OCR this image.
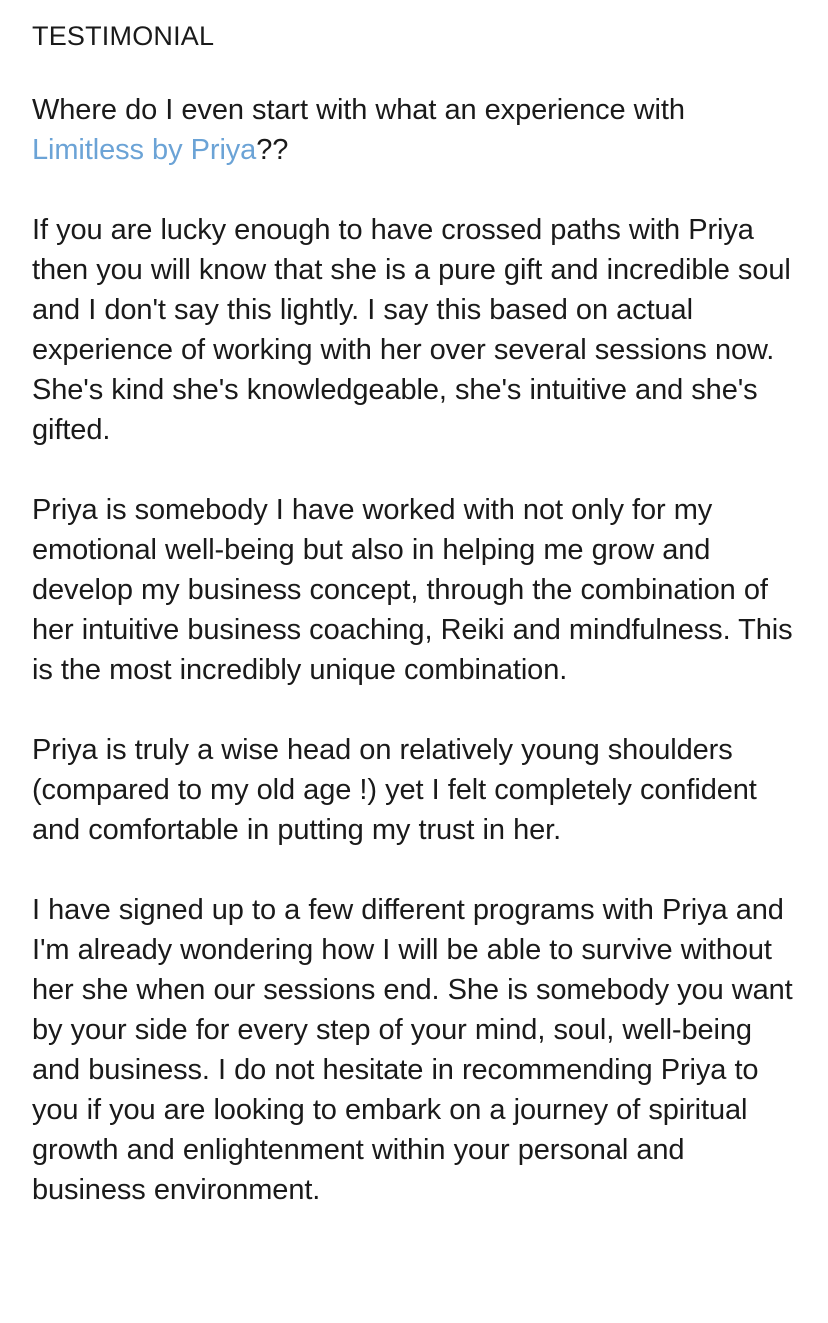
TESTIMONIAL

Where do I even start with what an experience with Limitless by Priya??

If you are lucky enough to have crossed paths with Priya then you will know that she is a pure gift and incredible soul and I don't say this lightly. I say this based on actual experience of working with her over several sessions now. She's kind she's knowledgeable, she's intuitive and she's gifted.

Priya is somebody I have worked with not only for my emotional well-being but also in helping me grow and develop my business concept, through the combination of her intuitive business coaching, Reiki and mindfulness. This is the most incredibly unique combination.

Priya is truly a wise head on relatively young shoulders (compared to my old age !) yet I felt completely confident and comfortable in putting my trust in her.

I have signed up to a few different programs with Priya and I'm already wondering how I will be able to survive without her she when our sessions end. She is somebody you want by your side for every step of your mind, soul, well-being and business. I do not hesitate in recommending Priya to you if you are looking to embark on a journey of spiritual growth and enlightenment within your personal and business environment.
